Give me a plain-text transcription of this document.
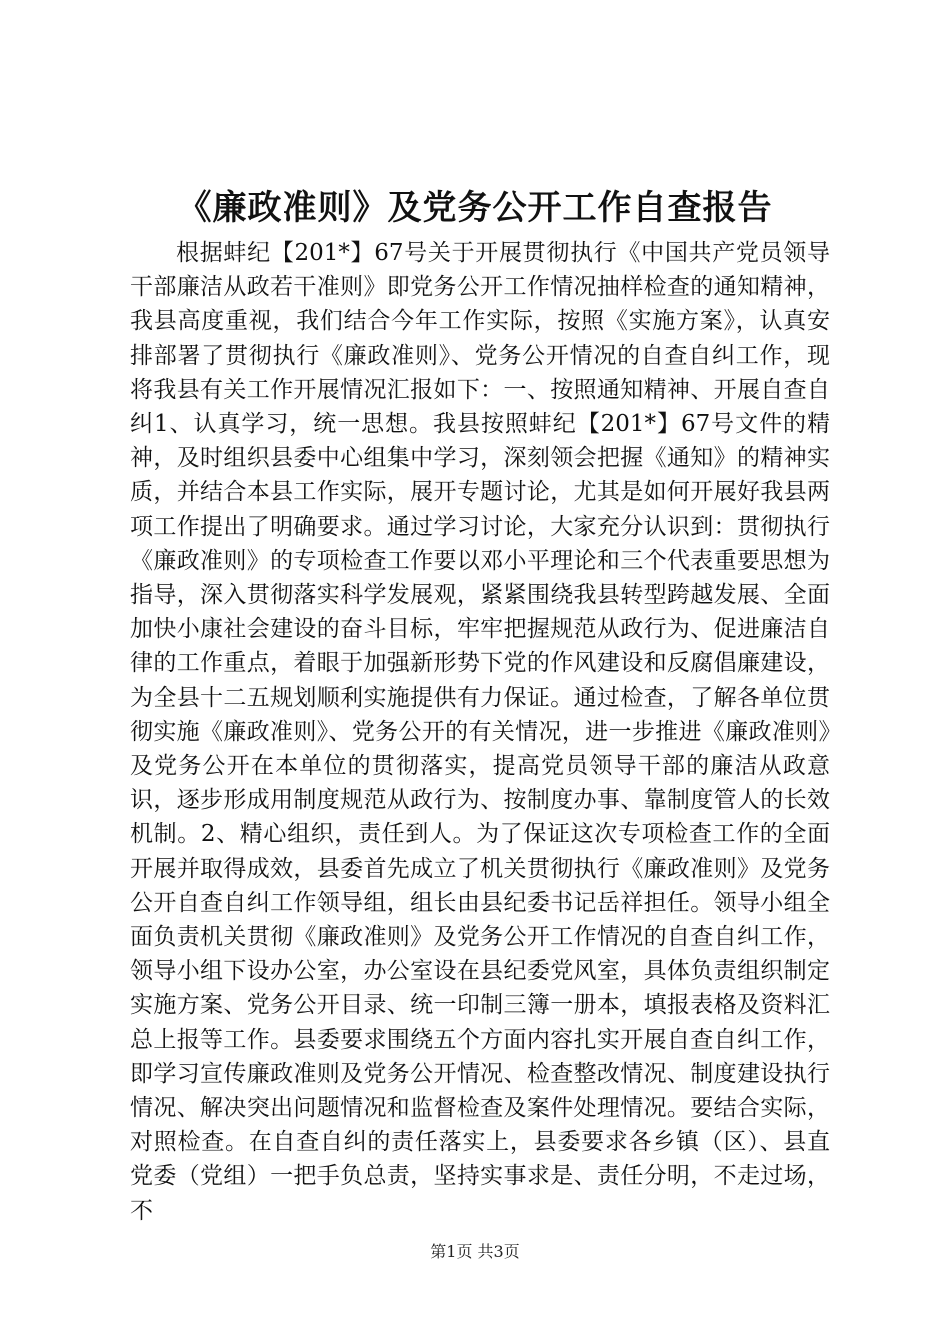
《廉政准则》及党务公开工作自查报告

根据蚌纪【201*】67号关于开展贯彻执行《中国共产党员领导干部廉洁从政若干准则》即党务公开工作情况抽样检查的通知精神，我县高度重视，我们结合今年工作实际，按照《实施方案》，认真安排部署了贯彻执行《廉政准则》、党务公开情况的自查自纠工作，现将我县有关工作开展情况汇报如下：一、按照通知精神、开展自查自纠1、认真学习，统一思想。我县按照蚌纪【201*】67号文件的精神，及时组织县委中心组集中学习，深刻领会把握《通知》的精神实质，并结合本县工作实际，展开专题讨论，尤其是如何开展好我县两项工作提出了明确要求。通过学习讨论，大家充分认识到：贯彻执行《廉政准则》的专项检查工作要以邓小平理论和三个代表重要思想为指导，深入贯彻落实科学发展观，紧紧围绕我县转型跨越发展、全面加快小康社会建设的奋斗目标，牢牢把握规范从政行为、促进廉洁自律的工作重点，着眼于加强新形势下党的作风建设和反腐倡廉建设，为全县十二五规划顺利实施提供有力保证。通过检查，了解各单位贯彻实施《廉政准则》、党务公开的有关情况，进一步推进《廉政准则》及党务公开在本单位的贯彻落实，提高党员领导干部的廉洁从政意识，逐步形成用制度规范从政行为、按制度办事、靠制度管人的长效机制。2、精心组织，责任到人。为了保证这次专项检查工作的全面开展并取得成效，县委首先成立了机关贯彻执行《廉政准则》及党务公开自查自纠工作领导组，组长由县纪委书记岳祥担任。领导小组全面负责机关贯彻《廉政准则》及党务公开工作情况的自查自纠工作，领导小组下设办公室，办公室设在县纪委党风室，具体负责组织制定实施方案、党务公开目录、统一印制三簿一册本，填报表格及资料汇总上报等工作。县委要求围绕五个方面内容扎实开展自查自纠工作，即学习宣传廉政准则及党务公开情况、检查整改情况、制度建设执行情况、解决突出问题情况和监督检查及案件处理情况。要结合实际，对照检查。在自查自纠的责任落实上，县委要求各乡镇（区）、县直党委（党组）一把手负总责，坚持实事求是、责任分明，不走过场，不

第1页 共3页
